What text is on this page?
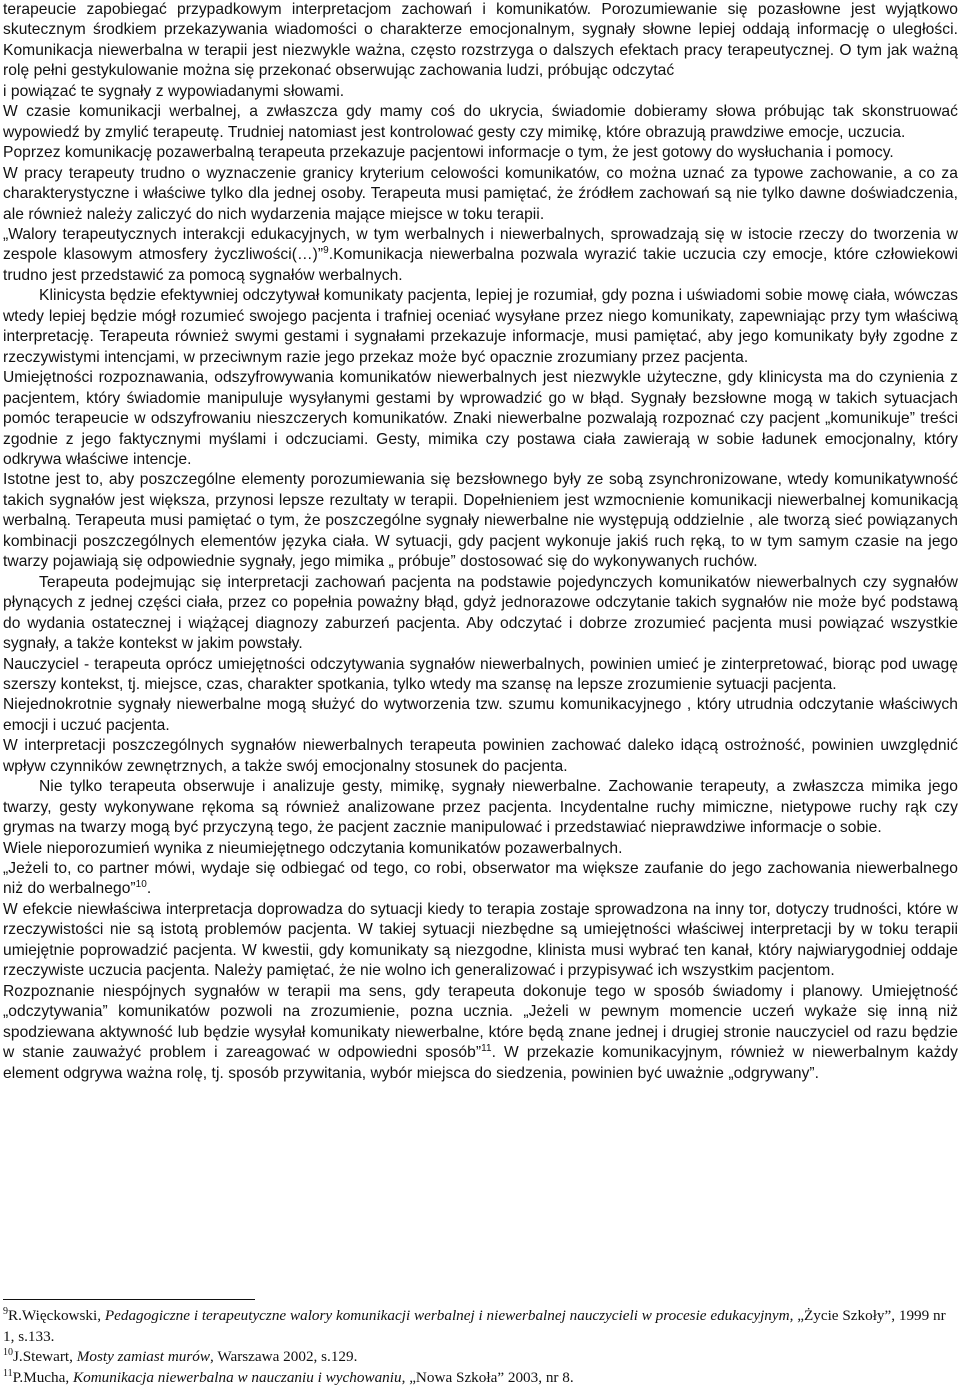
terapeucie zapobiegać przypadkowym interpretacjom zachowań i komunikatów. Porozumiewanie się pozasłowne jest wyjątkowo skutecznym środkiem przekazywania wiadomości o charakterze emocjonalnym, sygnały słowne lepiej oddają informację o uległości. Komunikacja niewerbalna w terapii jest niezwykle ważna, często rozstrzyga o dalszych efektach pracy terapeutycznej. O tym jak ważną rolę pełni gestykulowanie można się przekonać obserwując zachowania ludzi, próbując odczytać

i powiązać te sygnały z wypowiadanymi słowami.

W czasie komunikacji werbalnej, a zwłaszcza gdy mamy coś do ukrycia, świadomie dobieramy słowa próbując tak skonstruować wypowiedź by zmylić terapeutę. Trudniej natomiast jest kontrolować gesty czy mimikę, które obrazują prawdziwe emocje, uczucia.

Poprzez komunikację pozawerbalną terapeuta przekazuje pacjentowi informacje o tym, że jest gotowy do wysłuchania i pomocy.

W pracy terapeuty trudno o wyznaczenie granicy kryterium celowości komunikatów, co można uznać za typowe zachowanie, a co za charakterystyczne i właściwe tylko dla jednej osoby. Terapeuta musi pamiętać, że źródłem zachowań są nie tylko dawne doświadczenia, ale również należy zaliczyć do nich wydarzenia mające miejsce w toku terapii.

„Walory terapeutycznych interakcji edukacyjnych, w tym werbalnych i niewerbalnych, sprowadzają się w istocie rzeczy do tworzenia w zespole klasowym atmosfery życzliwości(…)”$^9$.Komunikacja niewerbalna pozwala wyrazić takie uczucia czy emocje, które człowiekowi trudno jest przedstawić za pomocą sygnałów werbalnych.

Klinicysta będzie efektywniej odczytywał komunikaty pacjenta, lepiej je rozumiał, gdy pozna i uświadomi sobie mowę ciała, wówczas wtedy lepiej będzie mógł rozumieć swojego pacjenta i trafniej oceniać wysyłane przez niego komunikaty, zapewniając przy tym właściwą interpretację. Terapeuta również swymi gestami i sygnałami przekazuje informacje, musi pamiętać, aby jego komunikaty były zgodne z rzeczywistymi intencjami, w przeciwnym razie jego przekaz może być opacznie zrozumiany przez pacjenta.

Umiejętności rozpoznawania, odszyfrowywania komunikatów niewerbalnych jest niezwykle użyteczne, gdy klinicysta ma do czynienia z pacjentem, który świadomie manipuluje wysyłanymi gestami by wprowadzić go w błąd. Sygnały bezsłowne mogą w takich sytuacjach pomóc terapeucie w odszyfrowaniu nieszczerych komunikatów. Znaki niewerbalne pozwalają rozpoznać czy pacjent „komunikuje” treści zgodnie z jego faktycznymi myślami i odczuciami. Gesty, mimika czy postawa ciała zawierają w sobie ładunek emocjonalny, który odkrywa właściwe intencje.

Istotne jest to, aby poszczególne elementy porozumiewania się bezsłownego były ze sobą zsynchronizowane, wtedy komunikatywność takich sygnałów jest większa, przynosi lepsze rezultaty w terapii. Dopełnieniem jest wzmocnienie komunikacji niewerbalnej komunikacją werbalną. Terapeuta musi pamiętać o tym, że poszczególne sygnały niewerbalne nie występują oddzielnie , ale tworzą sieć powiązanych kombinacji poszczególnych elementów języka ciała. W sytuacji, gdy pacjent wykonuje jakiś ruch ręką, to w tym samym czasie na jego twarzy pojawiają się odpowiednie sygnały, jego mimika „ próbuje” dostosować się do wykonywanych ruchów.

Terapeuta podejmując się interpretacji zachowań pacjenta na podstawie pojedynczych komunikatów niewerbalnych czy sygnałów płynących z jednej części ciała, przez co popełnia poważny błąd, gdyż jednorazowe odczytanie takich sygnałów nie może być podstawą do wydania ostatecznej i wiążącej diagnozy zaburzeń pacjenta. Aby odczytać i dobrze zrozumieć pacjenta musi powiązać wszystkie sygnały, a także kontekst w jakim powstały.

Nauczyciel - terapeuta oprócz umiejętności odczytywania sygnałów niewerbalnych, powinien umieć je zinterpretować, biorąc pod uwagę szerszy kontekst, tj. miejsce, czas, charakter spotkania, tylko wtedy ma szansę na lepsze zrozumienie sytuacji pacjenta.

Niejednokrotnie sygnały niewerbalne mogą służyć do wytworzenia tzw. szumu komunikacyjnego , który utrudnia odczytanie właściwych emocji i uczuć pacjenta.

W interpretacji poszczególnych sygnałów niewerbalnych terapeuta powinien zachować daleko idącą ostrożność, powinien uwzględnić wpływ czynników zewnętrznych, a także swój emocjonalny stosunek do pacjenta.

Nie tylko terapeuta obserwuje i analizuje gesty, mimikę, sygnały niewerbalne. Zachowanie terapeuty, a zwłaszcza mimika jego twarzy, gesty wykonywane rękoma są również analizowane przez pacjenta. Incydentalne ruchy mimiczne, nietypowe ruchy rąk czy grymas na twarzy mogą być przyczyną tego, że pacjent zacznie manipulować i przedstawiać nieprawdziwe informacje o sobie.

Wiele nieporozumień wynika z nieumiejętnego odczytania komunikatów pozawerbalnych.

„Jeżeli to, co partner mówi, wydaje się odbiegać od tego, co robi, obserwator ma większe zaufanie do jego zachowania niewerbalnego niż do werbalnego”$^{10}$.

W efekcie niewłaściwa interpretacja doprowadza do sytuacji kiedy to terapia zostaje sprowadzona na inny tor, dotyczy trudności, które w rzeczywistości nie są istotą problemów pacjenta. W takiej sytuacji niezbędne są umiejętności właściwej interpretacji by w toku terapii umiejętnie poprowadzić pacjenta. W kwestii, gdy komunikaty są niezgodne, klinista musi wybrać ten kanał, który najwiarygodniej oddaje rzeczywiste uczucia pacjenta. Należy pamiętać, że nie wolno ich generalizować i przypisywać ich wszystkim pacjentom.

Rozpoznanie niespójnych sygnałów w terapii ma sens, gdy terapeuta dokonuje tego w sposób świadomy i planowy. Umiejętność „odczytywania” komunikatów pozwoli na zrozumienie, pozna ucznia. „Jeżeli w pewnym momencie uczeń wykaże się inną niż spodziewana aktywność lub będzie wysyłał komunikaty niewerbalne, które będą znane jednej i drugiej stronie nauczyciel od razu będzie w stanie zauważyć problem i zareagować w odpowiedni sposób”$^{11}$. W przekazie komunikacyjnym, również w niewerbalnym każdy element odgrywa ważna rolę, tj. sposób przywitania, wybór miejsca do siedzenia, powinien być uważnie „odgrywany”.

$^9$R.Więckowski, Pedagogiczne i terapeutyczne walory komunikacji werbalnej i niewerbalnej nauczycieli w procesie edukacyjnym, „Życie Szkoły”, 1999 nr 1, s.133.

$^{10}$J.Stewart, Mosty zamiast murów, Warszawa 2002, s.129.

$^{11}$P.Mucha, Komunikacja niewerbalna w nauczaniu i wychowaniu, „Nowa Szkoła” 2003, nr 8.
